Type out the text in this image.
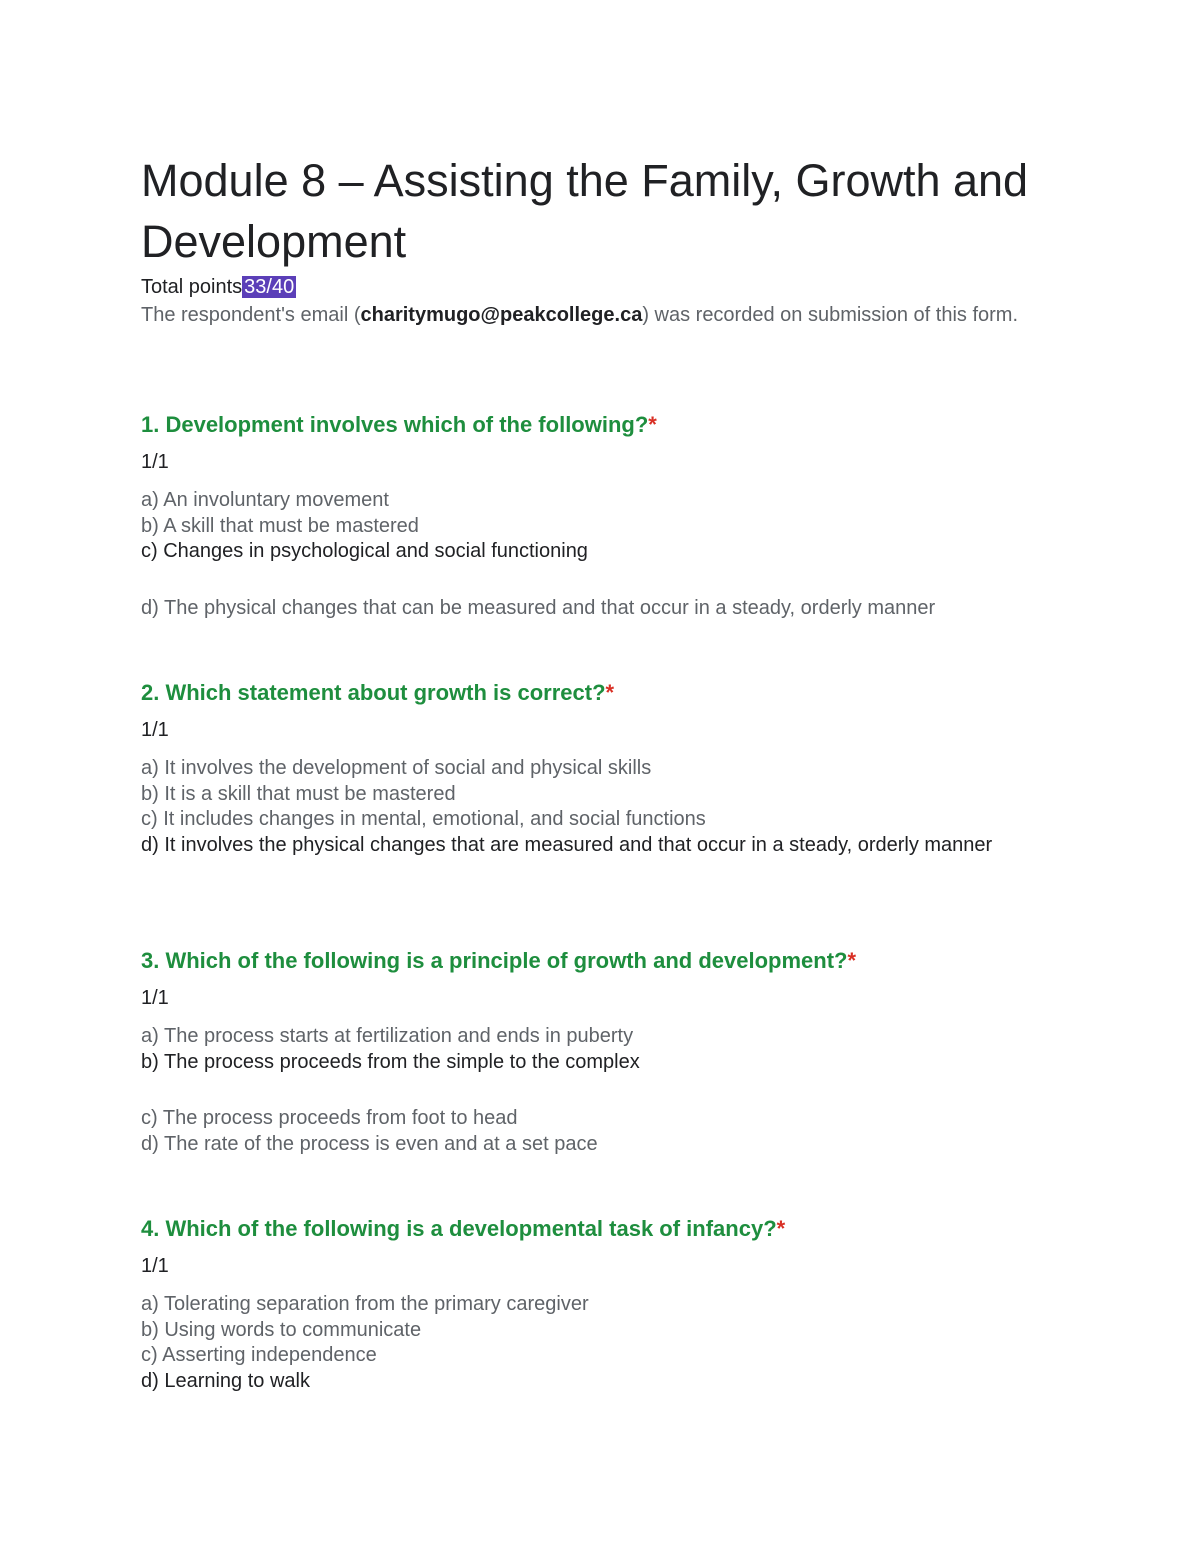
Module 8 – Assisting the Family, Growth and Development
Total points 33/40
The respondent's email (charitymugo@peakcollege.ca) was recorded on submission of this form.
1. Development involves which of the following?*
1/1
a) An involuntary movement
b) A skill that must be mastered
c) Changes in psychological and social functioning
d) The physical changes that can be measured and that occur in a steady, orderly manner
2. Which statement about growth is correct?*
1/1
a) It involves the development of social and physical skills
b) It is a skill that must be mastered
c) It includes changes in mental, emotional, and social functions
d) It involves the physical changes that are measured and that occur in a steady, orderly manner
3. Which of the following is a principle of growth and development?*
1/1
a) The process starts at fertilization and ends in puberty
b) The process proceeds from the simple to the complex
c) The process proceeds from foot to head
d) The rate of the process is even and at a set pace
4. Which of the following is a developmental task of infancy?*
1/1
a) Tolerating separation from the primary caregiver
b) Using words to communicate
c) Asserting independence
d) Learning to walk
